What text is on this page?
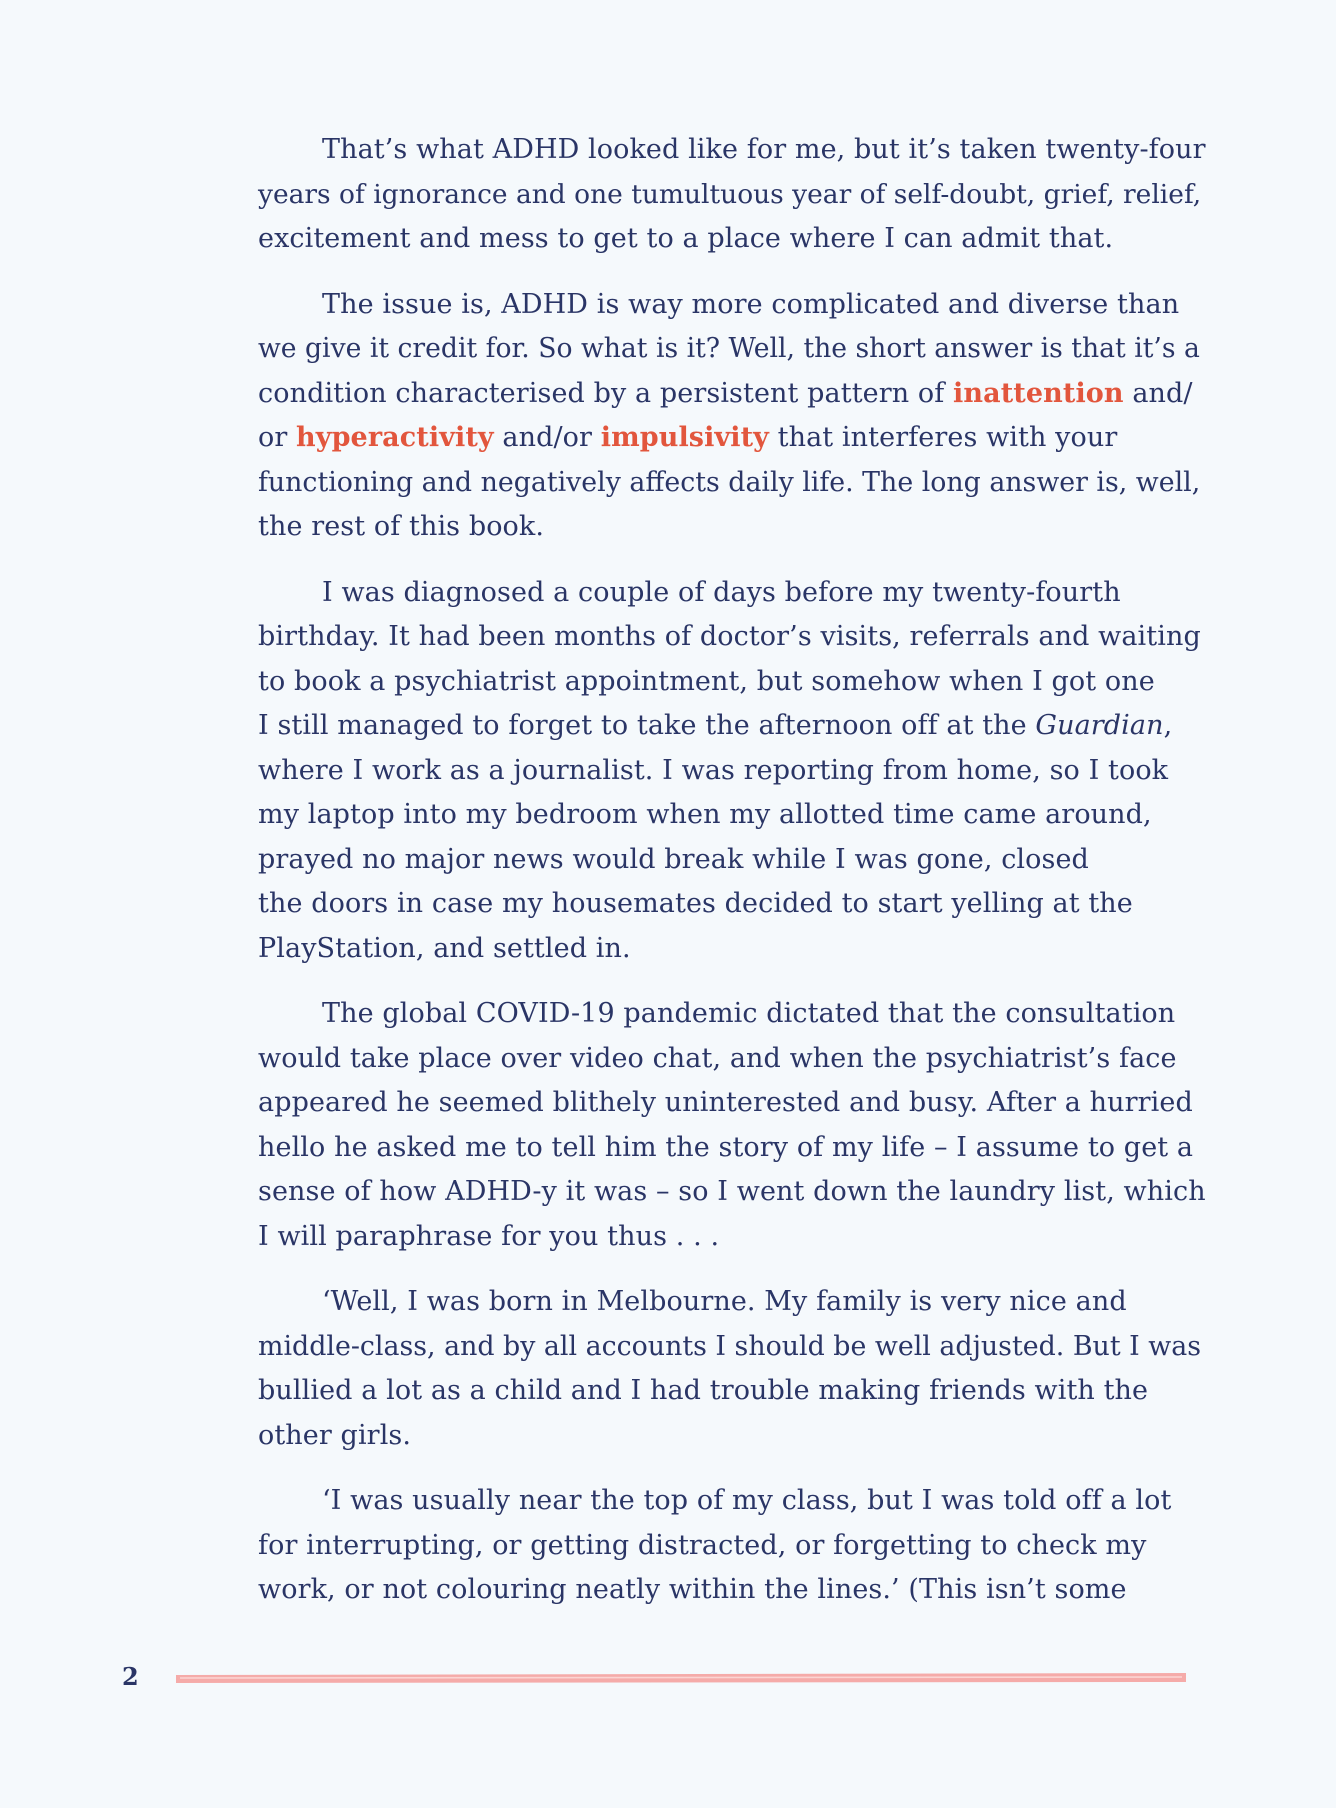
That’s what ADHD looked like for me, but it’s taken twenty-four
years of ignorance and one tumultuous year of self-doubt, grief, relief,
excitement and mess to get to a place where I can admit that.

The issue is, ADHD is way more complicated and diverse than
we give it credit for. So what is it? Well, the short answer is that it’s a
condition characterised by a persistent pattern of inattention and/
or hyperactivity and/or impulsivity that interferes with your
functioning and negatively affects daily life. The long answer is, well,
the rest of this book.

I was diagnosed a couple of days before my twenty-fourth
birthday. It had been months of doctor’s visits, referrals and waiting
to book a psychiatrist appointment, but somehow when I got one
I still managed to forget to take the afternoon off at the Guardian,
where I work as a journalist. I was reporting from home, so I took
my laptop into my bedroom when my allotted time came around,
prayed no major news would break while I was gone, closed
the doors in case my housemates decided to start yelling at the
PlayStation, and settled in.

The global COVID-19 pandemic dictated that the consultation
would take place over video chat, and when the psychiatrist’s face
appeared he seemed blithely uninterested and busy. After a hurried
hello he asked me to tell him the story of my life – I assume to get a
sense of how ADHD-y it was – so I went down the laundry list, which
I will paraphrase for you thus . . .

‘Well, I was born in Melbourne. My family is very nice and
middle-class, and by all accounts I should be well adjusted. But I was
bullied a lot as a child and I had trouble making friends with the
other girls.

‘I was usually near the top of my class, but I was told off a lot
for interrupting, or getting distracted, or forgetting to check my
work, or not colouring neatly within the lines.’ (This isn’t some

2
